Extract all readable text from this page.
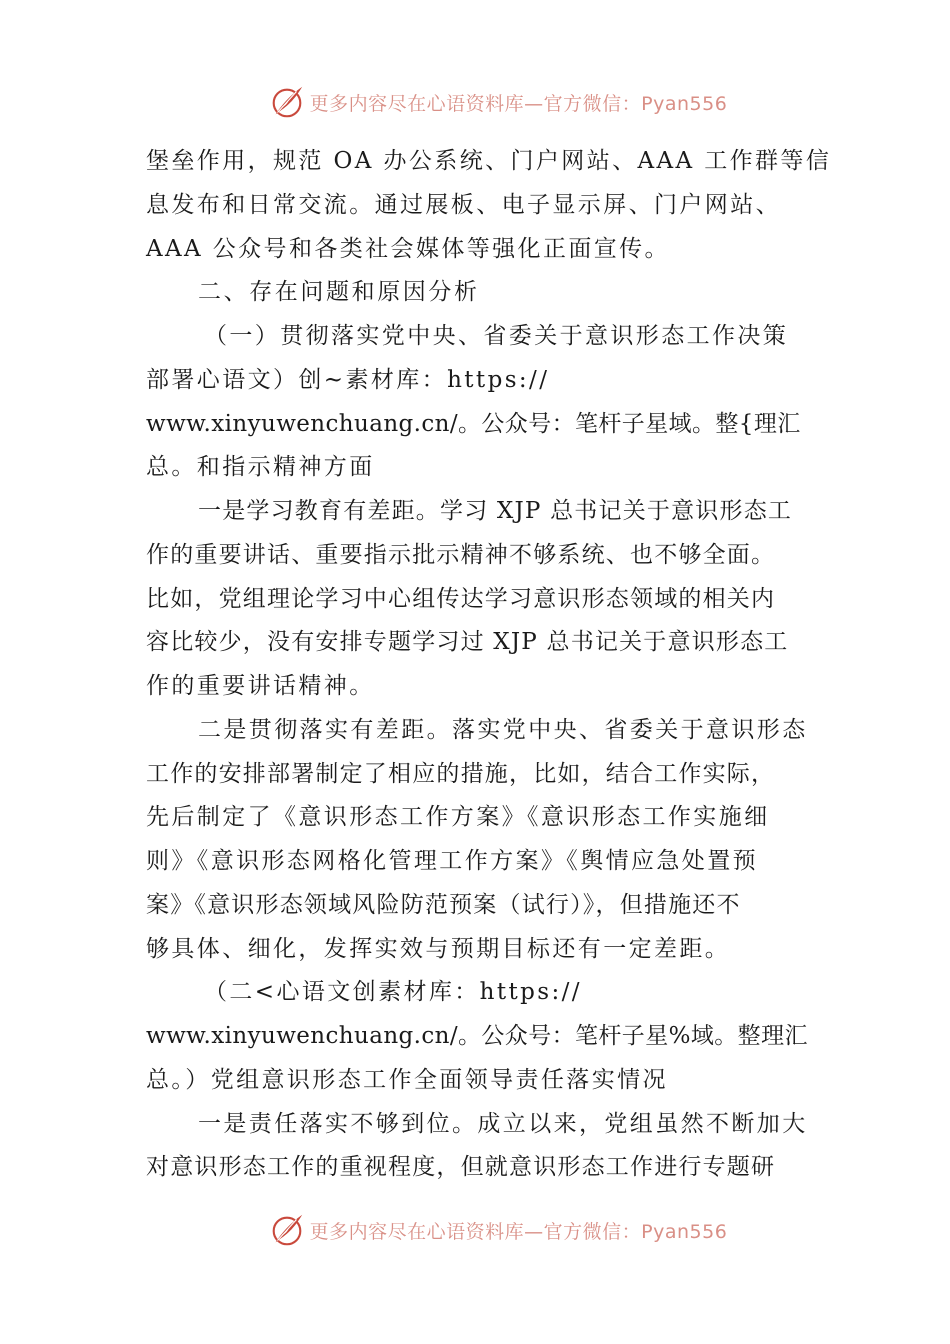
更多内容尽在心语资料库—官方微信：Pyan556
堡垒作用，规范 OA 办公系统、门户网站、AAA 工作群等信
息发布和日常交流。通过展板、电子显示屏、门户网站、
AAA 公众号和各类社会媒体等强化正面宣传。
二、存在问题和原因分析
（一）贯彻落实党中央、省委关于意识形态工作决策
部署心语文）创~素材库：https://
www.xinyuwenchuang.cn/。公众号：笔杆子星域。整{理汇
总。和指示精神方面
一是学习教育有差距。学习 XJP 总书记关于意识形态工
作的重要讲话、重要指示批示精神不够系统、也不够全面。
比如，党组理论学习中心组传达学习意识形态领域的相关内
容比较少，没有安排专题学习过 XJP 总书记关于意识形态工
作的重要讲话精神。
二是贯彻落实有差距。落实党中央、省委关于意识形态
工作的安排部署制定了相应的措施，比如，结合工作实际，
先后制定了《意识形态工作方案》《意识形态工作实施细
则》《意识形态网格化管理工作方案》《舆情应急处置预
案》《意识形态领域风险防范预案（试行）》，但措施还不
够具体、细化，发挥实效与预期目标还有一定差距。
（二<心语文创素材库：https://
www.xinyuwenchuang.cn/。公众号：笔杆子星%域。整理汇
总。）党组意识形态工作全面领导责任落实情况
一是责任落实不够到位。成立以来，党组虽然不断加大
对意识形态工作的重视程度，但就意识形态工作进行专题研
更多内容尽在心语资料库—官方微信：Pyan556
